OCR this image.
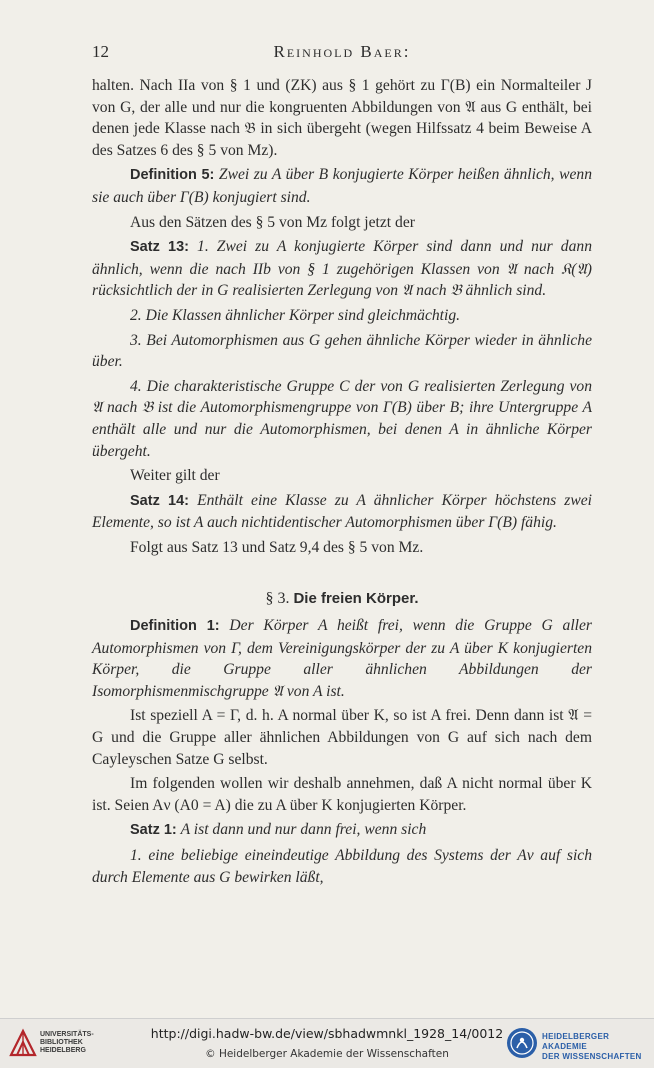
12	Reinhold Baer:

halten. Nach IIa von § 1 und (ZK) aus § 1 gehört zu Γ(B) ein Normalteiler J von G, der alle und nur die kongruenten Abbildungen von 𝔄 aus G enthält, bei denen jede Klasse nach 𝔅 in sich übergeht (wegen Hilfssatz 4 beim Beweise A des Satzes 6 des § 5 von Mz).

Definition 5: Zwei zu A über B konjugierte Körper heißen ähnlich, wenn sie auch über Γ(B) konjugiert sind.

Aus den Sätzen des § 5 von Mz folgt jetzt der

Satz 13: 1. Zwei zu A konjugierte Körper sind dann und nur dann ähnlich, wenn die nach IIb von § 1 zugehörigen Klassen von 𝔄 nach 𝔎(𝔄) rücksichtlich der in G realisierten Zerlegung von 𝔄 nach 𝔅 ähnlich sind.

2. Die Klassen ähnlicher Körper sind gleichmächtig.

3. Bei Automorphismen aus G gehen ähnliche Körper wieder in ähnliche über.

4. Die charakteristische Gruppe C der von G realisierten Zerlegung von 𝔄 nach 𝔅 ist die Automorphismengruppe von Γ(B) über B; ihre Untergruppe A enthält alle und nur die Automorphismen, bei denen A in ähnliche Körper übergeht.

Weiter gilt der

Satz 14: Enthält eine Klasse zu A ähnlicher Körper höchstens zwei Elemente, so ist A auch nichtidentischer Automorphismen über Γ(B) fähig.

Folgt aus Satz 13 und Satz 9,4 des § 5 von Mz.

§ 3. Die freien Körper.

Definition 1: Der Körper A heißt frei, wenn die Gruppe G aller Automorphismen von Γ, dem Vereinigungskörper der zu A über K konjugierten Körper, die Gruppe aller ähnlichen Abbildungen der Isomorphismenmischgruppe 𝔄 von A ist.

Ist speziell A = Γ, d. h. A normal über K, so ist A frei. Denn dann ist 𝔄 = G und die Gruppe aller ähnlichen Abbildungen von G auf sich nach dem Cayleyschen Satze G selbst.

Im folgenden wollen wir deshalb annehmen, daß A nicht normal über K ist. Seien Aν (A0 = A) die zu A über K konjugierten Körper.

Satz 1: A ist dann und nur dann frei, wenn sich

1. eine beliebige eineindeutige Abbildung des Systems der Aν auf sich durch Elemente aus G bewirken läßt,

UNIVERSITÄTS-
BIBLIOTHEK
HEIDELBERG
http://digi.hadw-bw.de/view/sbhadwmnkl_1928_14/0012
© Heidelberger Akademie der Wissenschaften
HEIDELBERGER AKADEMIE
DER WISSENSCHAFTEN
